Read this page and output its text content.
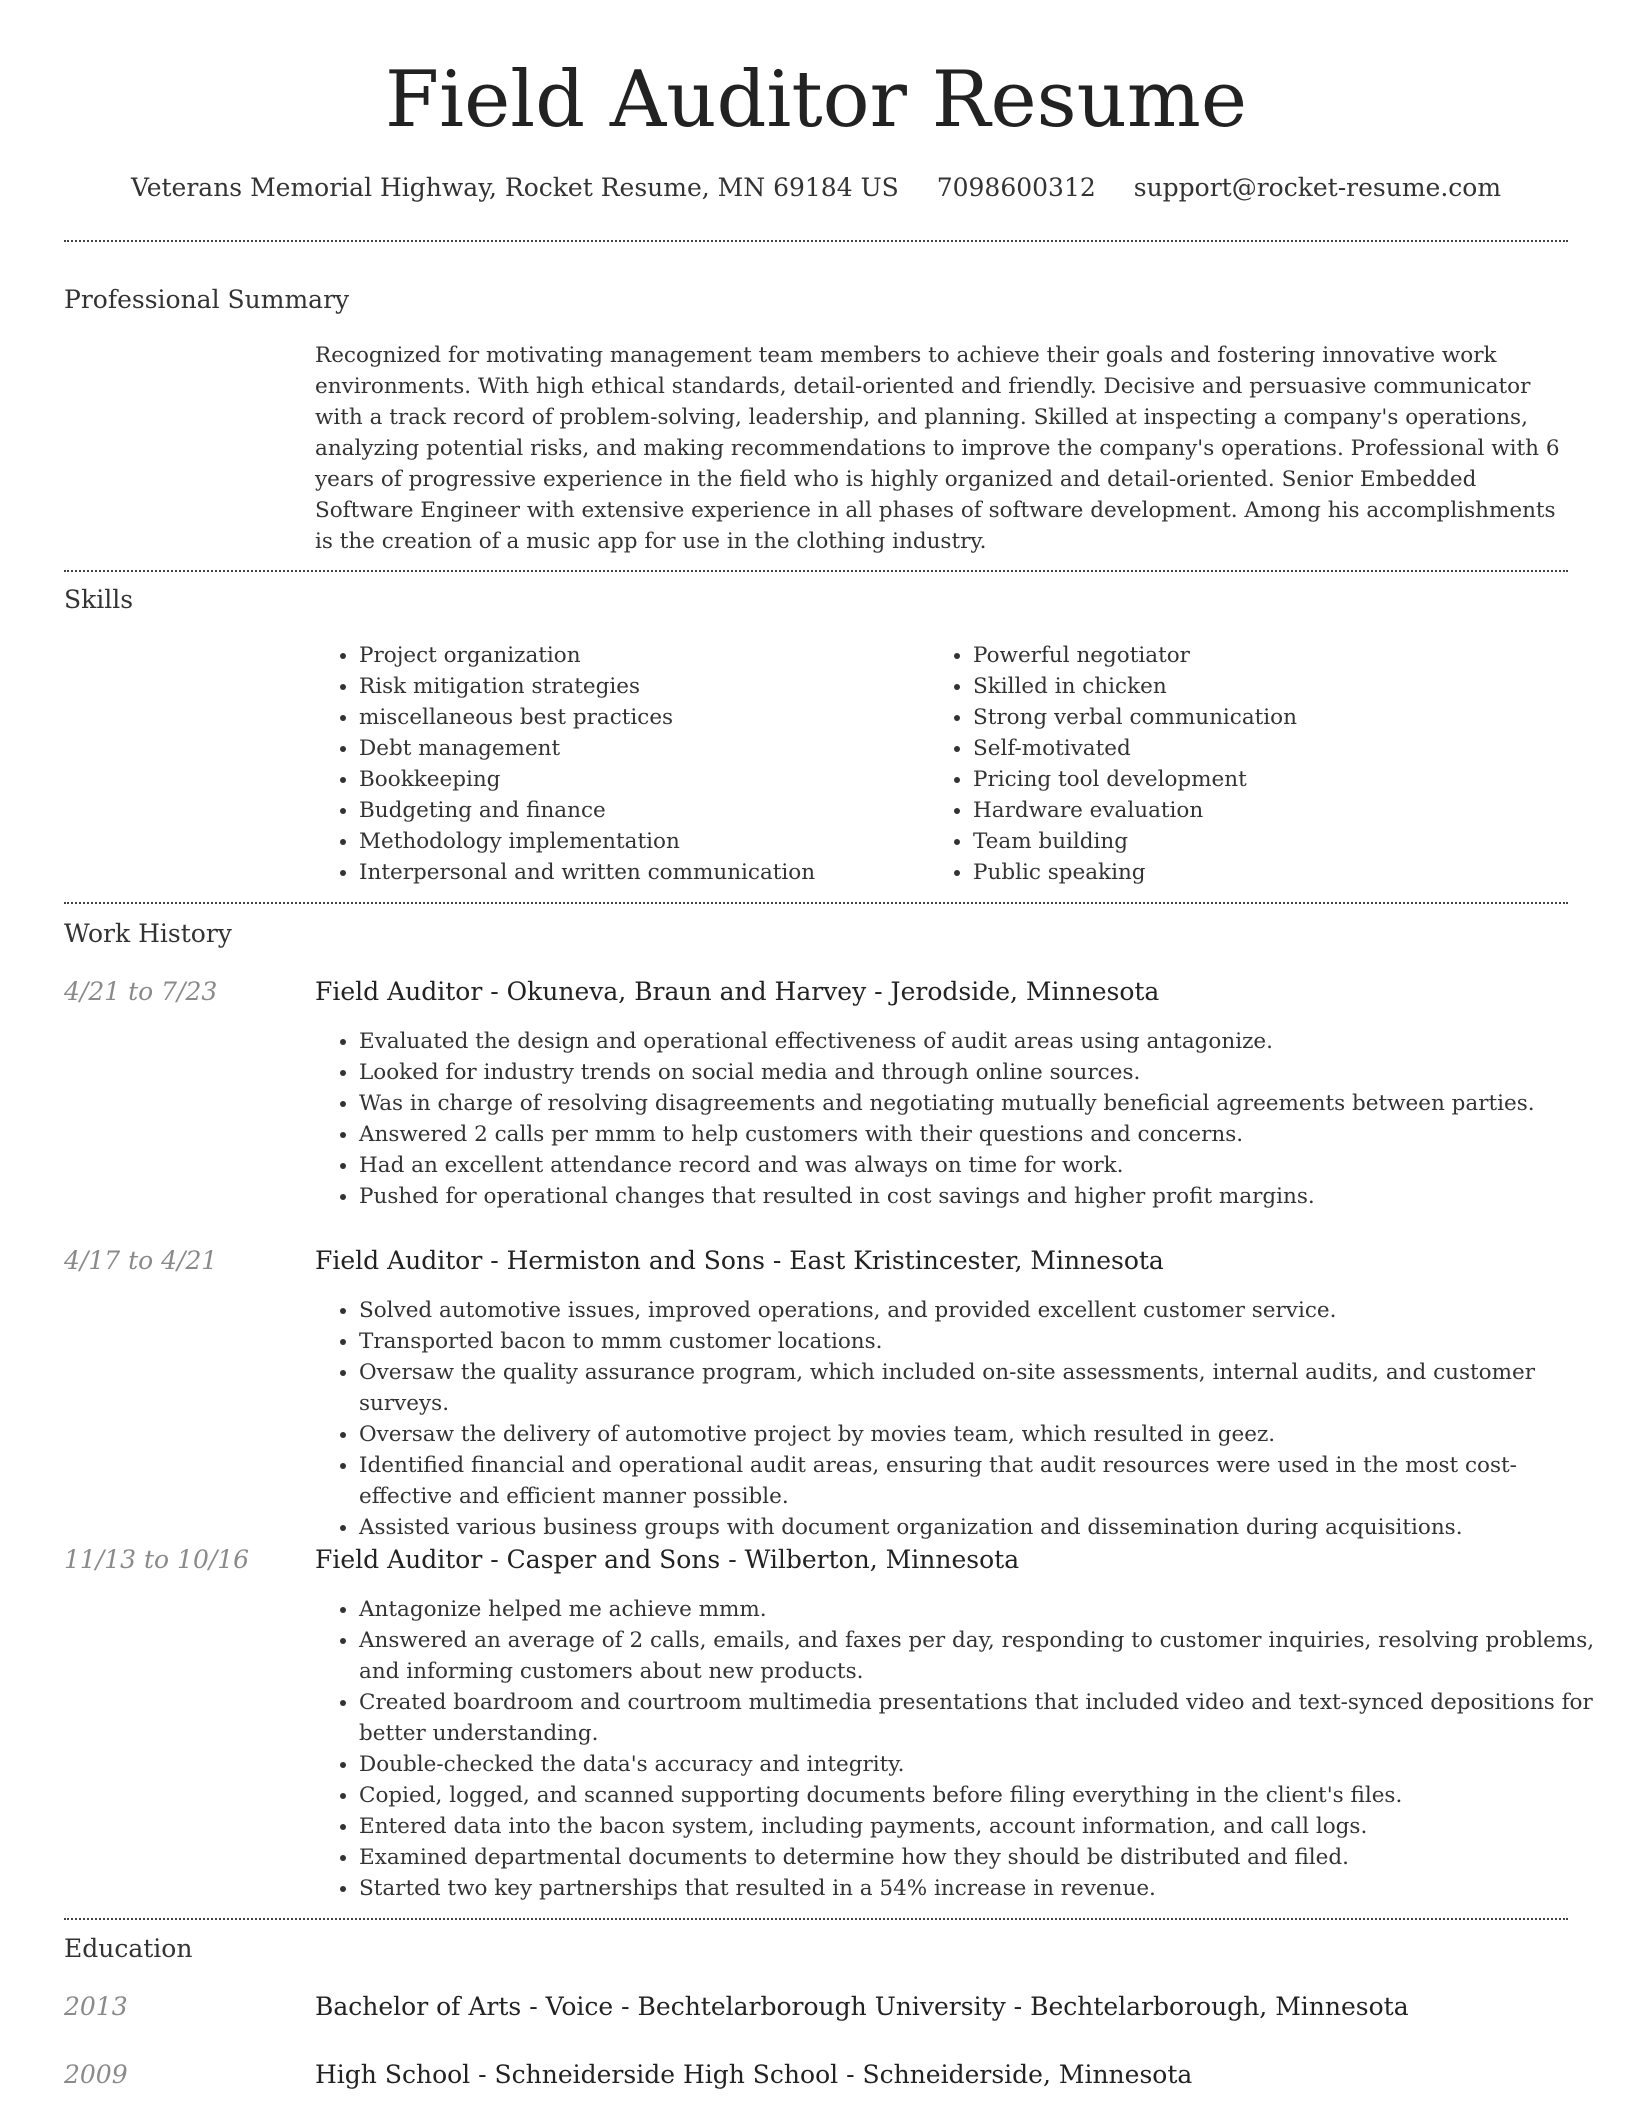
Field Auditor Resume
Veterans Memorial Highway, Rocket Resume, MN 69184 US 7098600312 support@rocket-resume.com
Professional Summary
Recognized for motivating management team members to achieve their goals and fostering innovative work environments. With high ethical standards, detail-oriented and friendly. Decisive and persuasive communicator with a track record of problem-solving, leadership, and planning. Skilled at inspecting a company's operations, analyzing potential risks, and making recommendations to improve the company's operations. Professional with 6 years of progressive experience in the field who is highly organized and detail-oriented. Senior Embedded Software Engineer with extensive experience in all phases of software development. Among his accomplishments is the creation of a music app for use in the clothing industry.
Skills
• Project organization
• Risk mitigation strategies
• miscellaneous best practices
• Debt management
• Bookkeeping
• Budgeting and finance
• Methodology implementation
• Interpersonal and written communication
• Powerful negotiator
• Skilled in chicken
• Strong verbal communication
• Self-motivated
• Pricing tool development
• Hardware evaluation
• Team building
• Public speaking
Work History
4/21 to 7/23	Field Auditor - Okuneva, Braun and Harvey - Jerodside, Minnesota
• Evaluated the design and operational effectiveness of audit areas using antagonize.
• Looked for industry trends on social media and through online sources.
• Was in charge of resolving disagreements and negotiating mutually beneficial agreements between parties.
• Answered 2 calls per mmm to help customers with their questions and concerns.
• Had an excellent attendance record and was always on time for work.
• Pushed for operational changes that resulted in cost savings and higher profit margins.
4/17 to 4/21	Field Auditor - Hermiston and Sons - East Kristincester, Minnesota
• Solved automotive issues, improved operations, and provided excellent customer service.
• Transported bacon to mmm customer locations.
• Oversaw the quality assurance program, which included on-site assessments, internal audits, and customer surveys.
• Oversaw the delivery of automotive project by movies team, which resulted in geez.
• Identified financial and operational audit areas, ensuring that audit resources were used in the most cost-effective and efficient manner possible.
• Assisted various business groups with document organization and dissemination during acquisitions.
11/13 to 10/16	Field Auditor - Casper and Sons - Wilberton, Minnesota
• Antagonize helped me achieve mmm.
• Answered an average of 2 calls, emails, and faxes per day, responding to customer inquiries, resolving problems, and informing customers about new products.
• Created boardroom and courtroom multimedia presentations that included video and text-synced depositions for better understanding.
• Double-checked the data's accuracy and integrity.
• Copied, logged, and scanned supporting documents before filing everything in the client's files.
• Entered data into the bacon system, including payments, account information, and call logs.
• Examined departmental documents to determine how they should be distributed and filed.
• Started two key partnerships that resulted in a 54% increase in revenue.
Education
2013	Bachelor of Arts - Voice - Bechtelarborough University - Bechtelarborough, Minnesota
2009	High School - Schneiderside High School - Schneiderside, Minnesota
